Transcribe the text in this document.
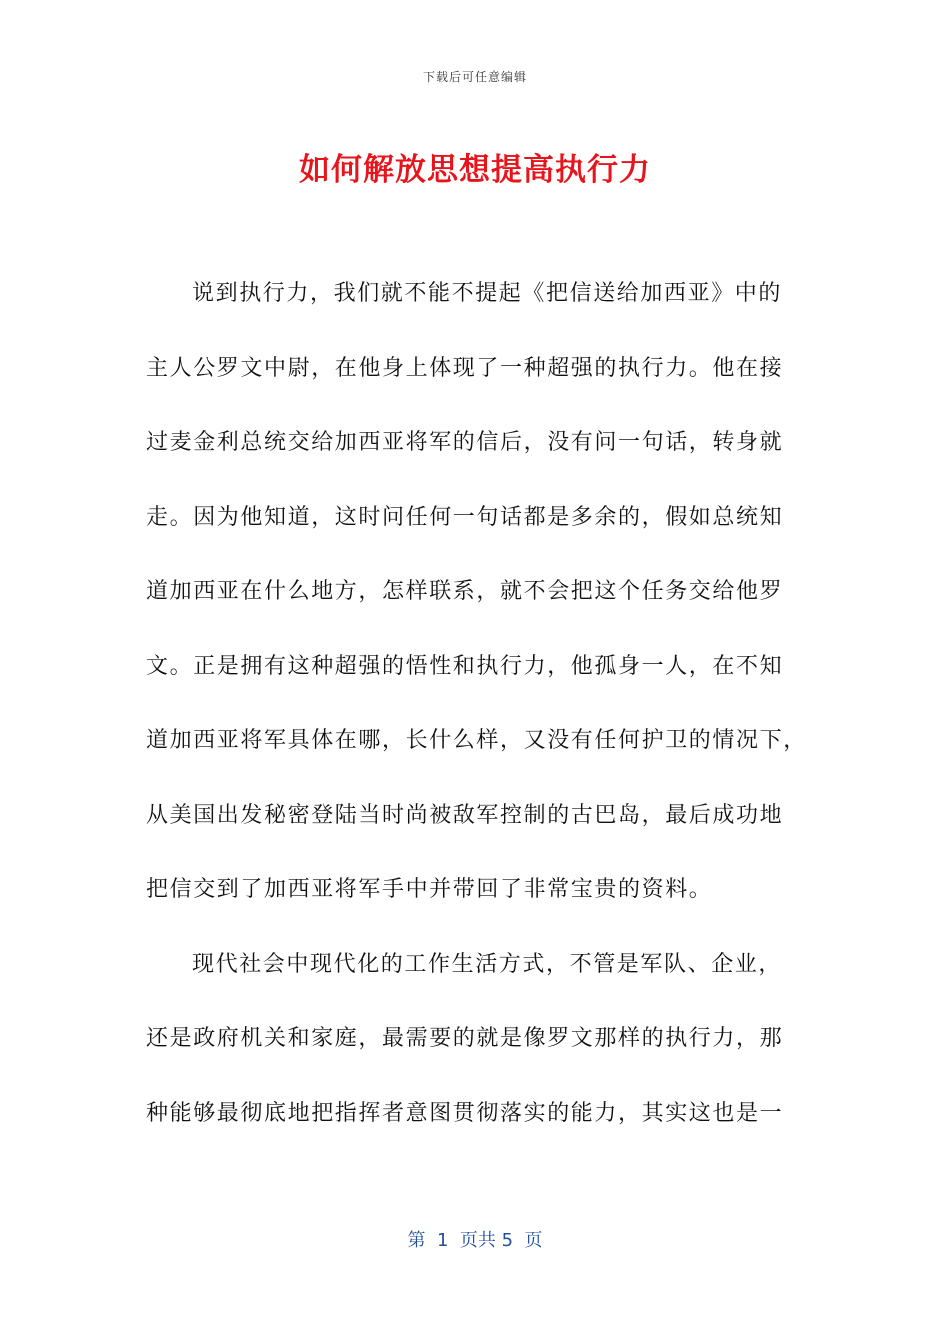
下载后可任意编辑
如何解放思想提高执行力
说到执行力，我们就不能不提起《把信送给加西亚》中的
主人公罗文中尉，在他身上体现了一种超强的执行力。他在接
过麦金利总统交给加西亚将军的信后，没有问一句话，转身就
走。因为他知道，这时问任何一句话都是多余的，假如总统知
道加西亚在什么地方，怎样联系，就不会把这个任务交给他罗
文。正是拥有这种超强的悟性和执行力，他孤身一人，在不知
道加西亚将军具体在哪，长什么样，又没有任何护卫的情况下，
从美国出发秘密登陆当时尚被敌军控制的古巴岛，最后成功地
把信交到了加西亚将军手中并带回了非常宝贵的资料。
现代社会中现代化的工作生活方式，不管是军队、企业，
还是政府机关和家庭，最需要的就是像罗文那样的执行力，那
种能够最彻底地把指挥者意图贯彻落实的能力，其实这也是一
第  1  页共 5  页
